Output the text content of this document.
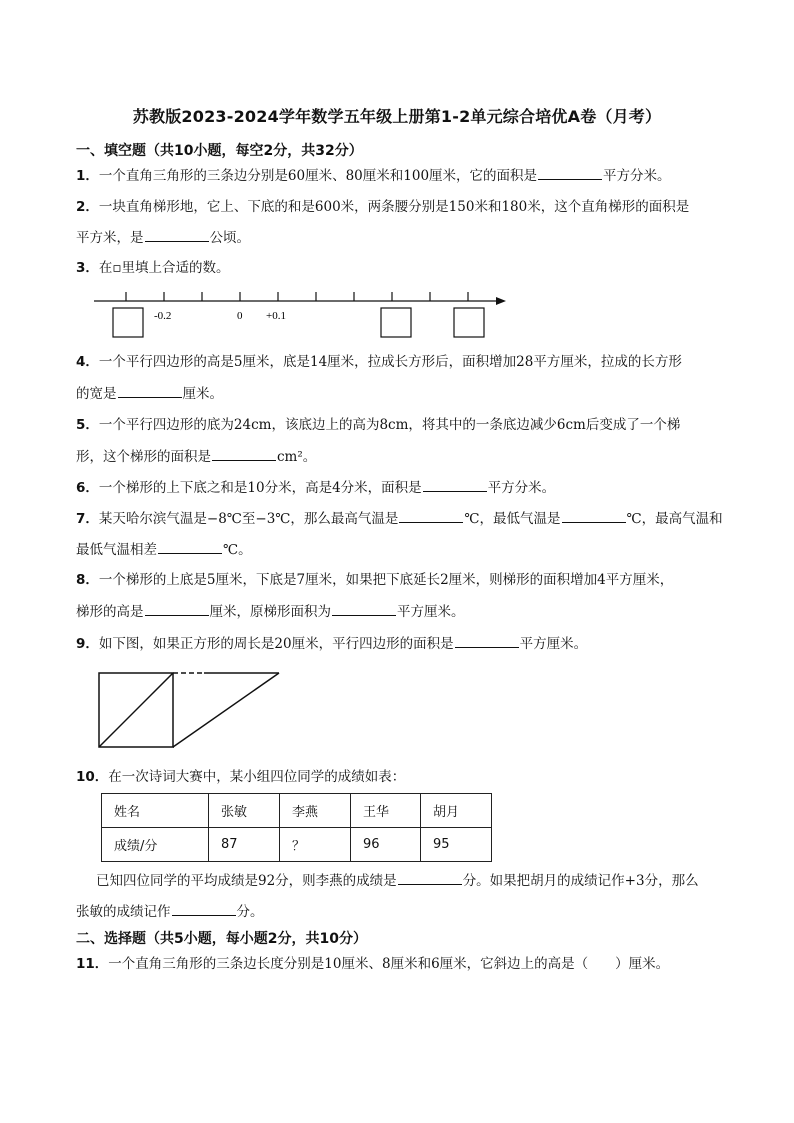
苏教版2023-2024学年数学五年级上册第1-2单元综合培优A卷（月考）
一、填空题（共10小题，每空2分，共32分）
1．一个直角三角形的三条边分别是60厘米、80厘米和100厘米，它的面积是	平方分米。
2．一块直角梯形地，它上、下底的和是600米，两条腰分别是150米和180米，这个直角梯形的面积是
平方米，是	公顷。
3．在▫里填上合适的数。
-0.2	0 +0.1
4．一个平行四边形的高是5厘米，底是14厘米，拉成长方形后，面积增加28平方厘米，拉成的长方形
的宽是	厘米。
5．一个平行四边形的底为24cm，该底边上的高为8cm，将其中的一条底边减少6cm后变成了一个梯
形，这个梯形的面积是	cm²。
6．一个梯形的上下底之和是10分米，高是4分米，面积是	平方分米。
7．某天哈尔滨气温是−8℃至−3℃，那么最高气温是	℃，最低气温是	℃，最高气温和
最低气温相差	℃。
8．一个梯形的上底是5厘米，下底是7厘米，如果把下底延长2厘米，则梯形的面积增加4平方厘米，
梯形的高是	厘米，原梯形面积为	平方厘米。
9．如下图，如果正方形的周长是20厘米，平行四边形的面积是	平方厘米。
10．在一次诗词大赛中，某小组四位同学的成绩如表：
姓名	张敏	李燕	王华	胡月
成绩/分	87	？	96	95
已知四位同学的平均成绩是92分，则李燕的成绩是	分。如果把胡月的成绩记作+3分，那么
张敏的成绩记作	分。
二、选择题（共5小题，每小题2分，共10分）
11．一个直角三角形的三条边长度分别是10厘米、8厘米和6厘米，它斜边上的高是（　　）厘米。
